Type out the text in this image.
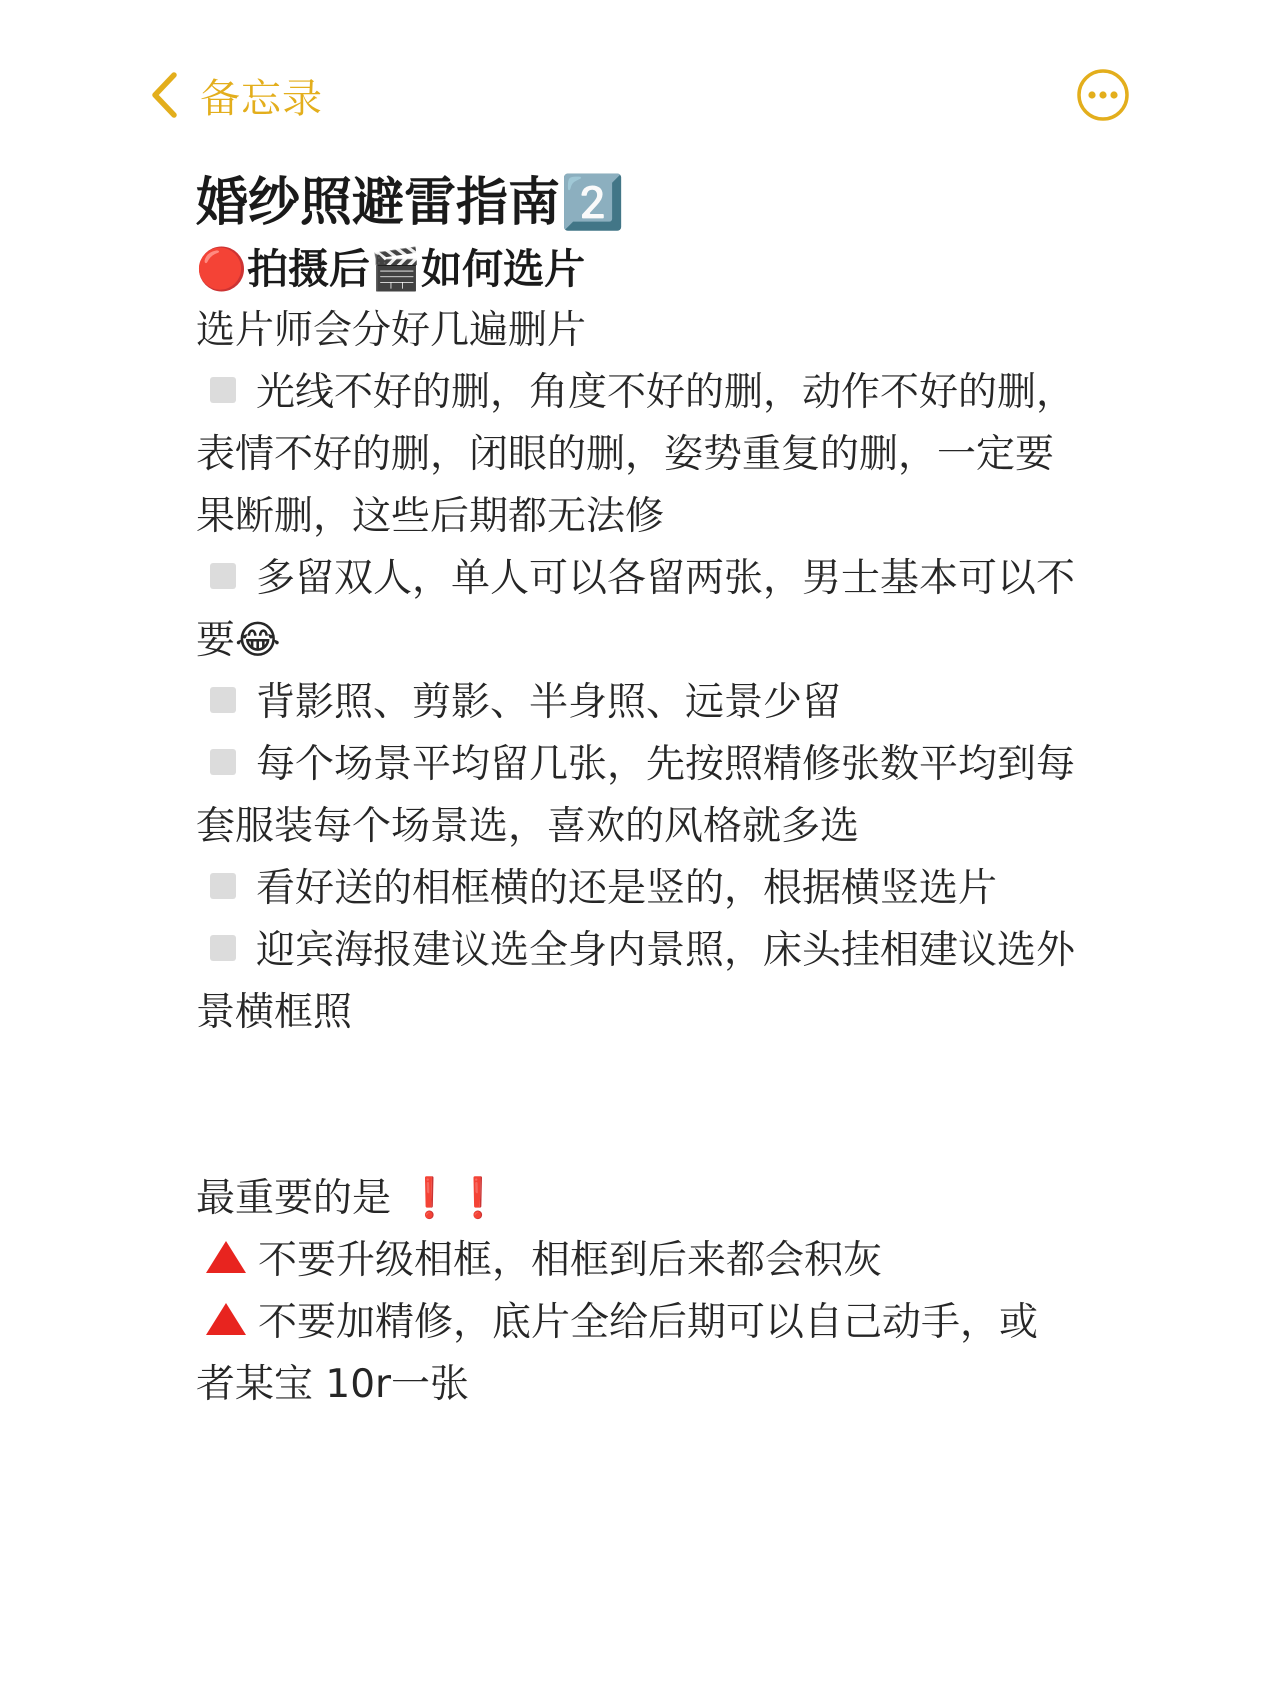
备忘录
婚纱照避雷指南2️⃣
🔴拍摄后🎬如何选片
选片师会分好几遍删片
光线不好的删，角度不好的删，动作不好的删，表情不好的删，闭眼的删，姿势重复的删，一定要果断删，这些后期都无法修
多留双人，单人可以各留两张，男士基本可以不要😂
背影照、剪影、半身照、远景少留
每个场景平均留几张，先按照精修张数平均到每套服装每个场景选，喜欢的风格就多选
看好送的相框横的还是竖的，根据横竖选片
迎宾海报建议选全身内景照，床头挂相建议选外景横框照
最重要的是 ❗️❗️
不要升级相框，相框到后来都会积灰
不要加精修，底片全给后期可以自己动手，或者某宝 10r一张
